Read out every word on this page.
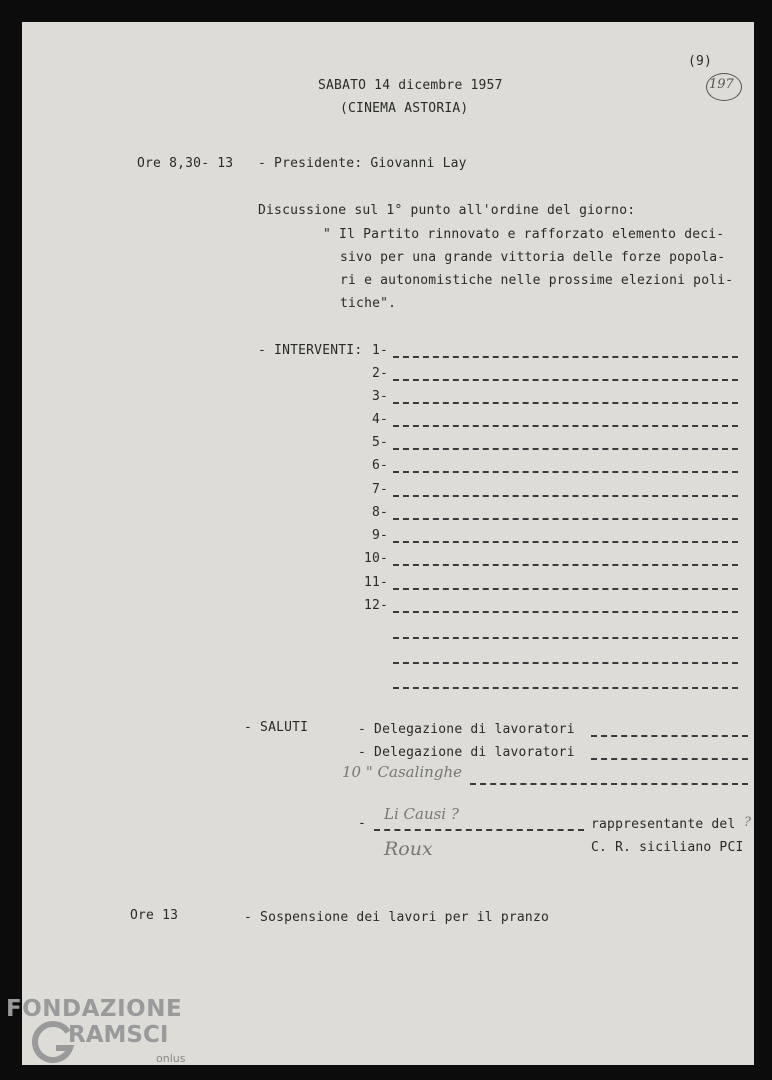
(9)
197
SABATO 14 dicembre 1957
(CINEMA ASTORIA)
Ore 8,30- 13 - Presidente: Giovanni Lay
Discussione sul 1° punto all'ordine del giorno:
" Il Partito rinnovato e rafforzato elemento deci-
sivo per una grande vittoria delle forze popola-
ri e autonomistiche nelle prossime elezioni poli-
tiche".
- INTERVENTI: 1-
2-
3-
4-
5-
6-
7-
8-
9-
10-
11-
12-
- SALUTI	- Delegazione di lavoratori
- Delegazione di lavoratori
10 " Casalinghe
-
Li Causi ?
rappresentante del ?
C. R. siciliano PCI
Roux
Ore 13	- Sospensione dei lavori per il pranzo
FONDAZIONE
RAMSCI
onlus
